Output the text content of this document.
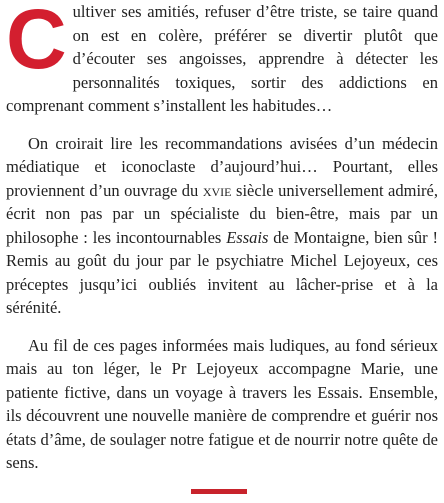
Cultiver ses amitiés, refuser d’être triste, se taire quand on est en colère, préférer se divertir plutôt que d’écouter ses angoisses, apprendre à détecter les personnalités toxiques, sortir des addictions en comprenant comment s’installent les habitudes…

On croirait lire les recommandations avisées d’un médecin médiatique et iconoclaste d’aujourd’hui… Pourtant, elles proviennent d’un ouvrage du xvie siècle universellement admiré, écrit non pas par un spécialiste du bien-être, mais par un philosophe : les incontournables Essais de Montaigne, bien sûr ! Remis au goût du jour par le psychiatre Michel Lejoyeux, ces préceptes jusqu’ici oubliés invitent au lâcher-prise et à la sérénité.

Au fil de ces pages informées mais ludiques, au fond sérieux mais au ton léger, le Pr Lejoyeux accompagne Marie, une patiente fictive, dans un voyage à travers les Essais. Ensemble, ils découvrent une nouvelle manière de comprendre et guérir nos états d’âme, de soulager notre fatigue et de nourrir notre quête de sens.
